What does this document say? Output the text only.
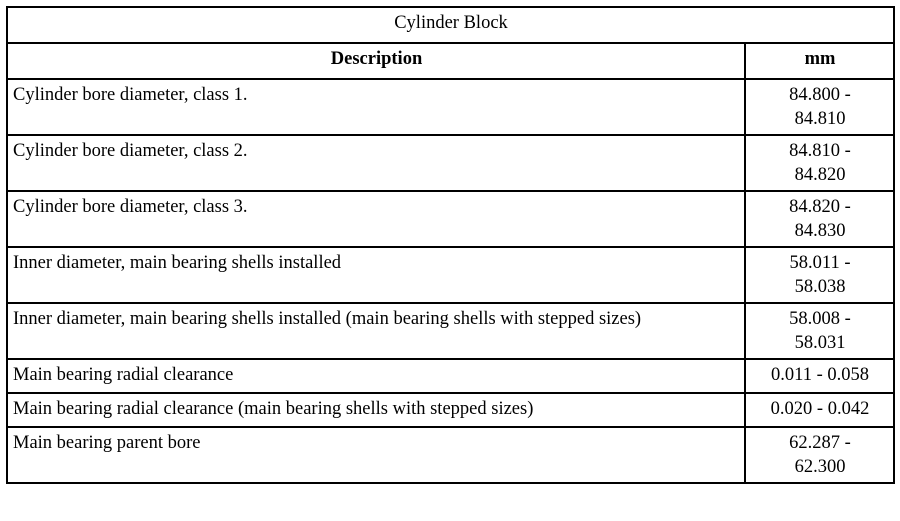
Cylinder Block	
Description	mm
Cylinder bore diameter, class 1.	84.800 -
84.810
Cylinder bore diameter, class 2.	84.810 -
84.820
Cylinder bore diameter, class 3.	84.820 -
84.830
Inner diameter, main bearing shells installed	58.011 -
58.038
Inner diameter, main bearing shells installed (main bearing shells with stepped sizes)	58.008 -
58.031
Main bearing radial clearance	0.011 - 0.058
Main bearing radial clearance (main bearing shells with stepped sizes)	0.020 - 0.042
Main bearing parent bore	62.287 -
62.300
